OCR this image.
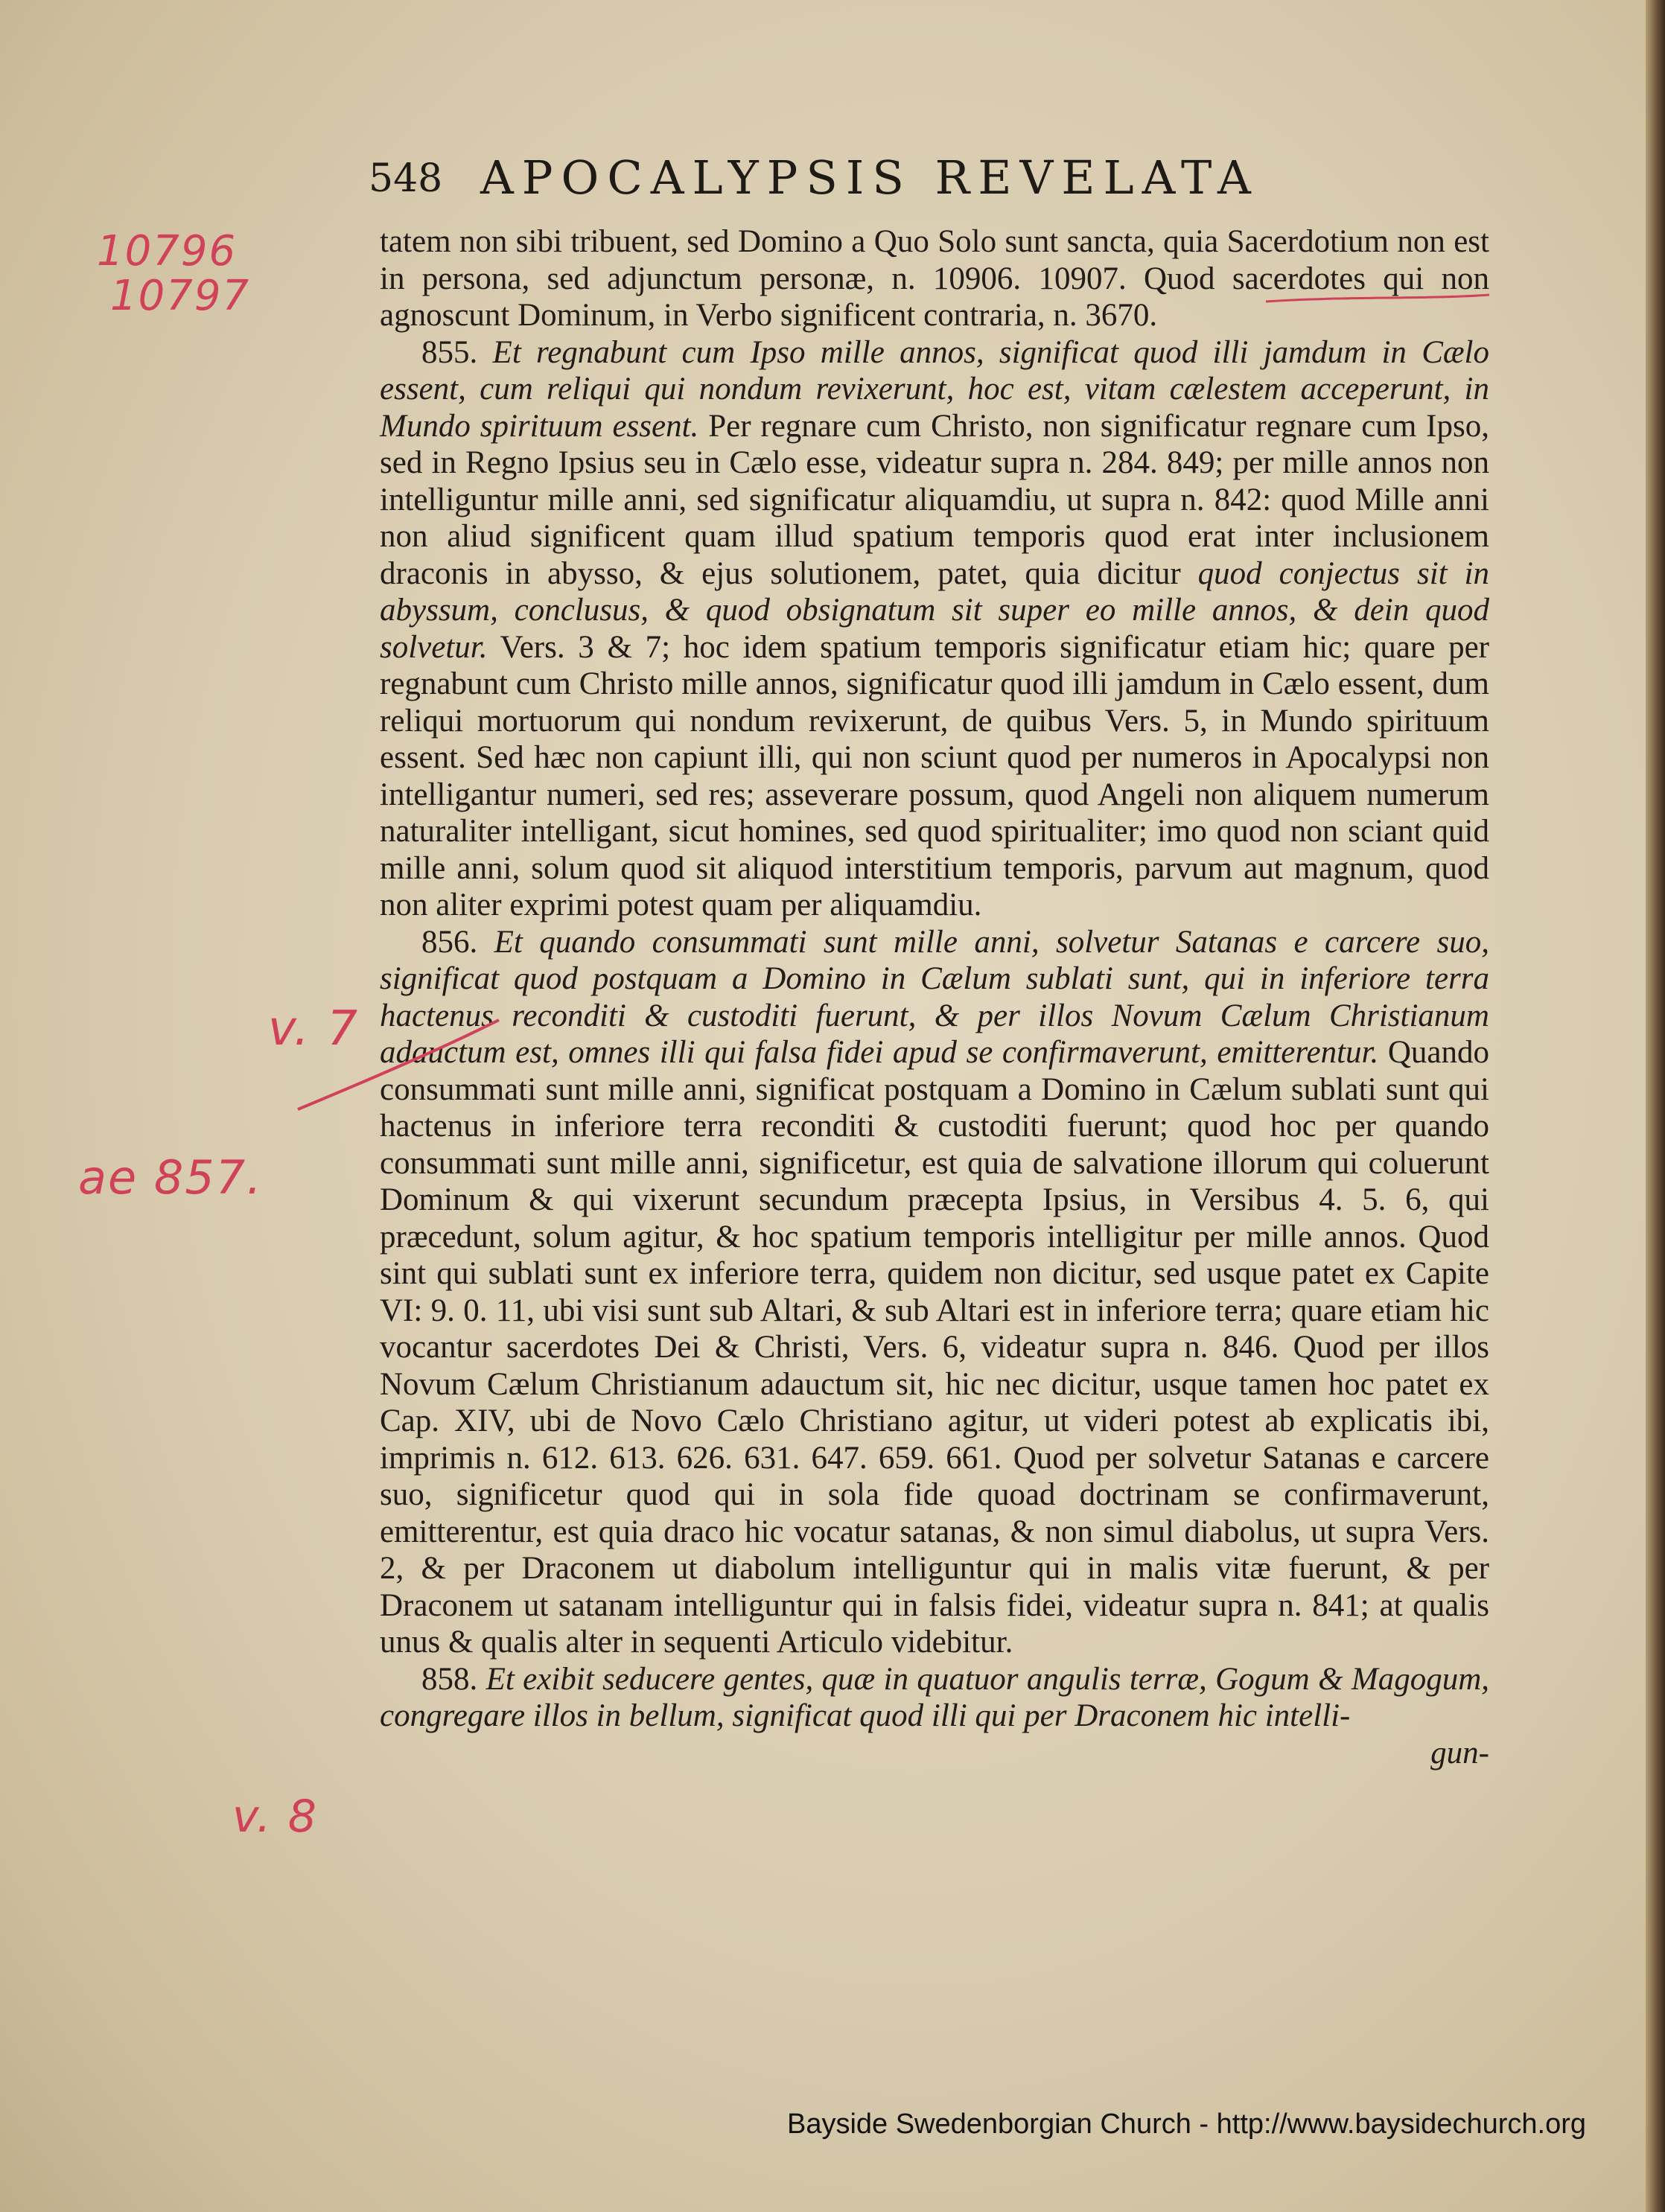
548 APOCALYPSIS REVELATA

tatem non sibi tribuent, sed Domino a Quo Solo sunt sancta, quia Sacerdotium non est in persona, sed adjunctum personæ, n. 10906. 10907. Quod sacerdotes qui non agnoscunt Dominum, in Verbo significent contraria, n. 3670.

855. Et regnabunt cum Ipso mille annos, significat quod illi jamdum in Cælo essent, cum reliqui qui nondum revixerunt, hoc est, vitam cælestem acceperunt, in Mundo spirituum essent. Per regnare cum Christo, non significatur regnare cum Ipso, sed in Regno Ipsius seu in Cælo esse, videatur supra n. 284. 849; per mille annos non intelliguntur mille anni, sed significatur aliquamdiu, ut supra n. 842: quod Mille anni non aliud significent quam illud spatium temporis quod erat inter inclusionem draconis in abysso, & ejus solutionem, patet, quia dicitur quod conjectus sit in abyssum, conclusus, & quod obsignatum sit super eo mille annos, & dein quod solvetur. Vers. 3 & 7; hoc idem spatium temporis significatur etiam hic; quare per regnabunt cum Christo mille annos, significatur quod illi jamdum in Cælo essent, dum reliqui mortuorum qui nondum revixerunt, de quibus Vers. 5, in Mundo spirituum essent. Sed hæc non capiunt illi, qui non sciunt quod per numeros in Apocalypsi non intelligantur numeri, sed res; asseverare possum, quod Angeli non aliquem numerum naturaliter intelligant, sicut homines, sed quod spiritualiter; imo quod non sciant quid mille anni, solum quod sit aliquod interstitium temporis, parvum aut magnum, quod non aliter exprimi potest quam per aliquamdiu.

856. Et quando consummati sunt mille anni, solvetur Satanas e carcere suo, significat quod postquam a Domino in Cælum sublati sunt, qui in inferiore terra hactenus reconditi & custoditi fuerunt, & per illos Novum Cælum Christianum adauctum est, omnes illi qui falsa fidei apud se confirmaverunt, emitterentur. Quando consummati sunt mille anni, significat postquam a Domino in Cælum sublati sunt qui hactenus in inferiore terra reconditi & custoditi fuerunt; quod hoc per quando consummati sunt mille anni, significetur, est quia de salvatione illorum qui coluerunt Dominum & qui vixerunt secundum præcepta Ipsius, in Versibus 4. 5. 6, qui præcedunt, solum agitur, & hoc spatium temporis intelligitur per mille annos. Quod sint qui sublati sunt ex inferiore terra, quidem non dicitur, sed usque patet ex Capite VI: 9. 0. 11, ubi visi sunt sub Altari, & sub Altari est in inferiore terra; quare etiam hic vocantur sacerdotes Dei & Christi, Vers. 6, videatur supra n. 846. Quod per illos Novum Cælum Christianum adauctum sit, hic nec dicitur, usque tamen hoc patet ex Cap. XIV, ubi de Novo Cælo Christiano agitur, ut videri potest ab explicatis ibi, imprimis n. 612. 613. 626. 631. 647. 659. 661. Quod per solvetur Satanas e carcere suo, significetur quod qui in sola fide quoad doctrinam se confirmaverunt, emitterentur, est quia draco hic vocatur satanas, & non simul diabolus, ut supra Vers. 2, & per Draconem ut diabolum intelliguntur qui in malis vitæ fuerunt, & per Draconem ut satanam intelliguntur qui in falsis fidei, videatur supra n. 841; at qualis unus & qualis alter in sequenti Articulo videbitur.

858. Et exibit seducere gentes, quæ in quatuor angulis terræ, Gogum & Magogum, congregare illos in bellum, significat quod illi qui per Draconem hic intelli-

gun-

10796
10797
v. 7
ae 857.
v. 8
Bayside Swedenborgian Church - http://www.baysidechurch.org
